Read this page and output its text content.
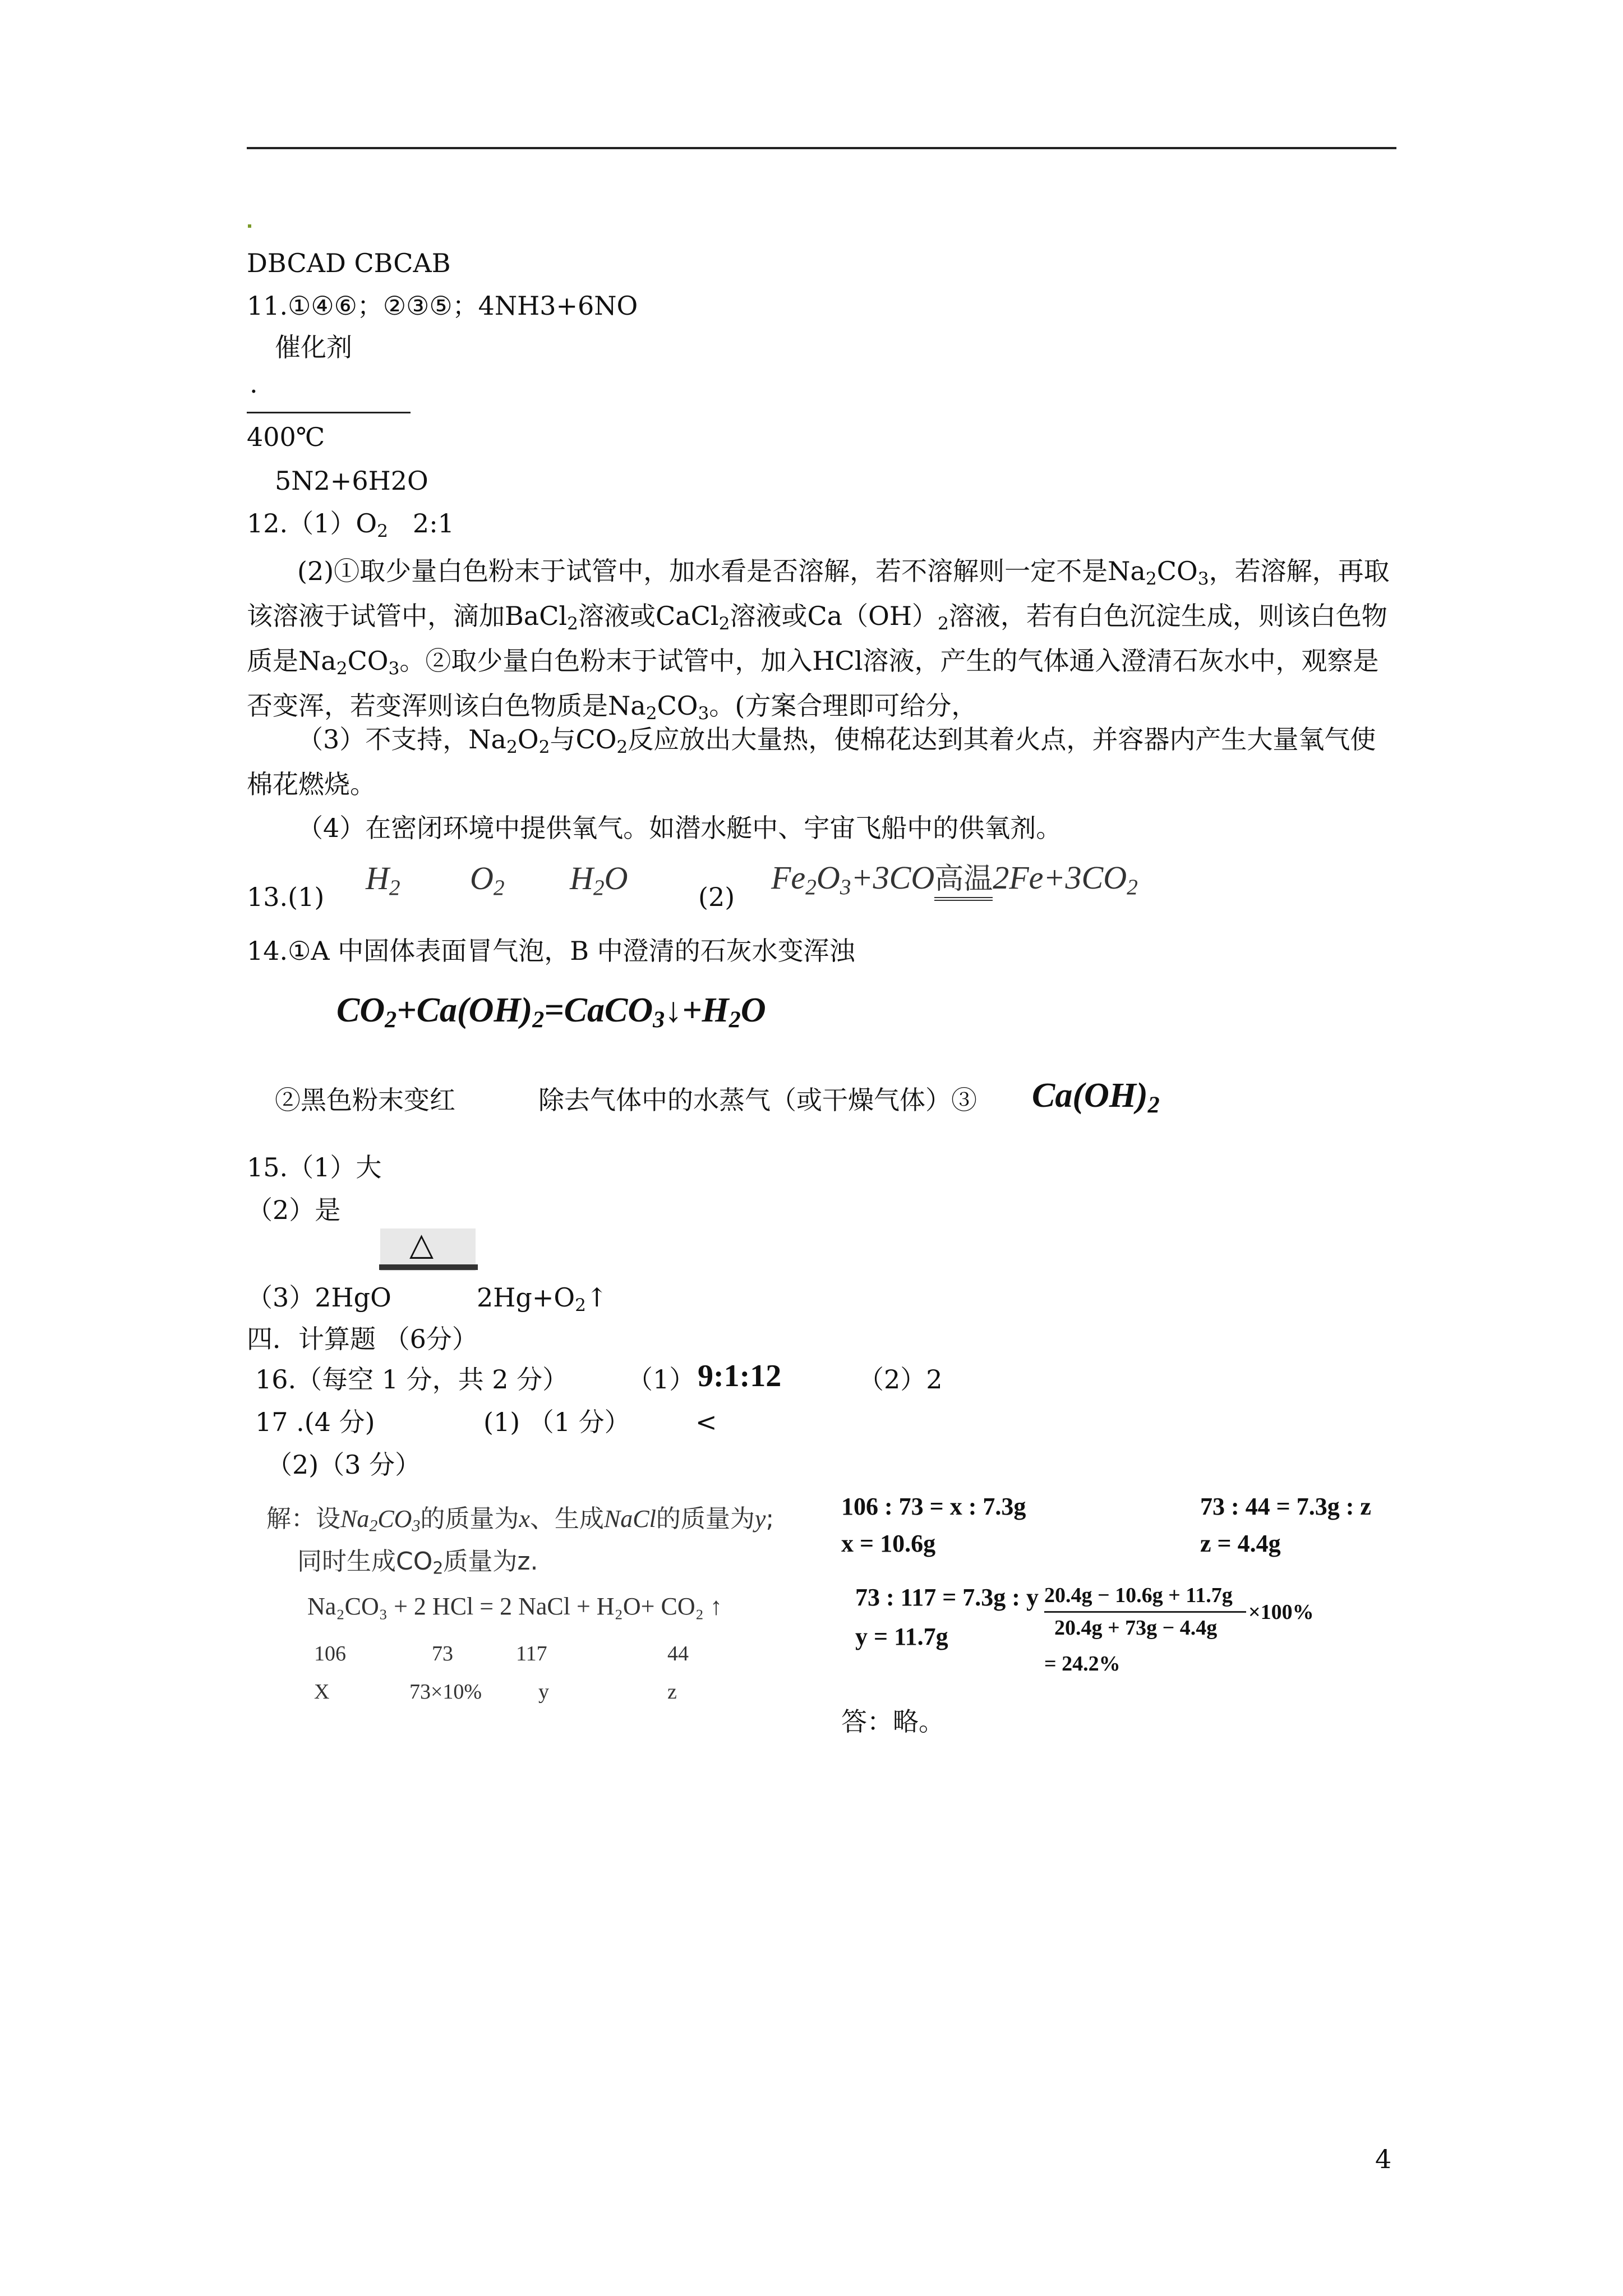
DBCAD CBCAB
11.①④⑥；②③⑤；4NH3+6NO
催化剂
.
400℃
5N2+6H2O
$12.(1)O_2$ 2:1
(2)①取少量白色粉末于试管中，加水看是否溶解，若不溶解则一定不是$Na_2CO_3$，若溶解，再取该溶液于试管中，滴加BaCl$_2$溶液或CaCl$_2$溶液或$Ca(OH)_2$溶液，若有白色沉淀生成，则该白色物质是$Na_2CO_3$。②取少量白色粉末于试管中，加入HCl溶液，产生的气体通入澄清石灰水中，观察是否变浑，若变浑则该白色物质是$Na_2CO_3$。(方案合理即可给分，
（3）不支持，$Na_2O_2$与$CO_2$反应放出大量热，使棉花达到其着火点，并容器内产生大量氧气使棉花燃烧。
（4）在密闭环境中提供氧气。如潜水艇中、宇宙飞船中的供氧剂。
13.(1)
$H_2$ $O_2$ $H_2O$
(2)
$Fe_2O_3+3CO$高温$2Fe+3CO_2$
14.①A 中固体表面冒气泡，B 中澄清的石灰水变浑浊
$CO_2+Ca(OH)_2=CaCO_3↓+H_2O$
②黑色粉末变红	除去气体中的水蒸气（或干燥气体）③ $Ca(OH)_2$
15.（1）大
（2）是
△
（3）2HgO	$2Hg+O_2↑$
四．计算题 （6分）
16.（每空 1 分，共 2 分） （1） 9:1:12	（2）2
17 .(4 分)	(1) （1 分）	<
（2)（3 分）
解：设$Na_2CO_3$的质量为x、生成NaCl的质量为y;
同时生成$CO_2$质量为z.
Na₂CO₃ + 2 HCl = 2 NaCl + H₂O+ CO₂ ↑
106	73	117	44
X	73×10%	y	z
106 : 73 = x : 7.3g
x = 10.6g
73 : 44 = 7.3g : z
z = 4.4g
73 : 117 = 7.3g : y
y = 11.7g
20.4g − 10.6g + 11.7g
20.4g + 73g − 4.4g
×100%
= 24.2%
答：略。
4
